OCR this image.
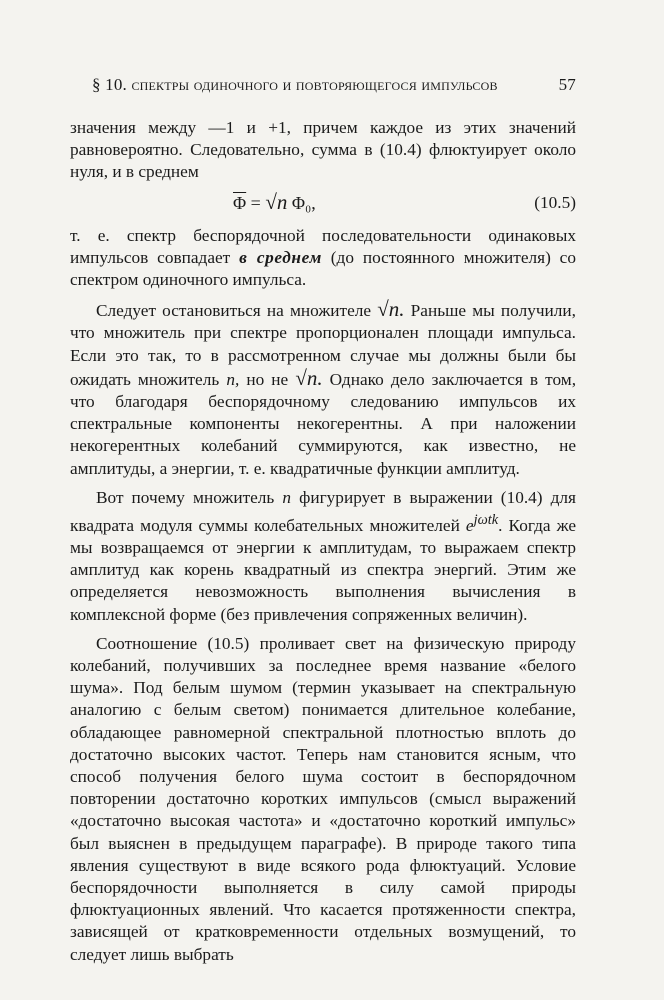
§ 10. спектры одиночного и повторяющегося импульсов	57

значения между —1 и +1, причем каждое из этих значений равновероятно. Следовательно, сумма в (10.4) флюктуирует около нуля, и в среднем

$\overline{\Phi} = √n$ Φ₀,	(10.5)

т. е. спектр беспорядочной последовательности одинаковых импульсов совпадает в среднем (до постоянного множителя) со спектром одиночного импульса.

Следует остановиться на множителе √n. Раньше мы получили, что множитель при спектре пропорционален площади импульса. Если это так, то в рассмотренном случае мы должны были бы ожидать множитель n, но не √n. Однако дело заключается в том, что благодаря беспорядочному следованию импульсов их спектральные компоненты некогерентны. А при наложении некогерентных колебаний суммируются, как известно, не амплитуды, а энергии, т. е. квадратичные функции амплитуд.

Вот почему множитель n фигурирует в выражении (10.4) для квадрата модуля суммы колебательных множителей $e^{j\omega tk}$. Когда же мы возвращаемся от энергии к амплитудам, то выражаем спектр амплитуд как корень квадратный из спектра энергий. Этим же определяется невозможность выполнения вычисления в комплексной форме (без привлечения сопряженных величин).

Соотношение (10.5) проливает свет на физическую природу колебаний, получивших за последнее время название «белого шума». Под белым шумом (термин указывает на спектральную аналогию с белым светом) понимается длительное колебание, обладающее равномерной спектральной плотностью вплоть до достаточно высоких частот. Теперь нам становится ясным, что способ получения белого шума состоит в беспорядочном повторении достаточно коротких импульсов (смысл выражений «достаточно высокая частота» и «достаточно короткий импульс» был выяснен в предыдущем параграфе). В природе такого типа явления существуют в виде всякого рода флюктуаций. Условие беспорядочности выполняется в силу самой природы флюктуационных явлений. Что касается протяженности спектра, зависящей от кратковременности отдельных возмущений, то следует лишь выбрать
